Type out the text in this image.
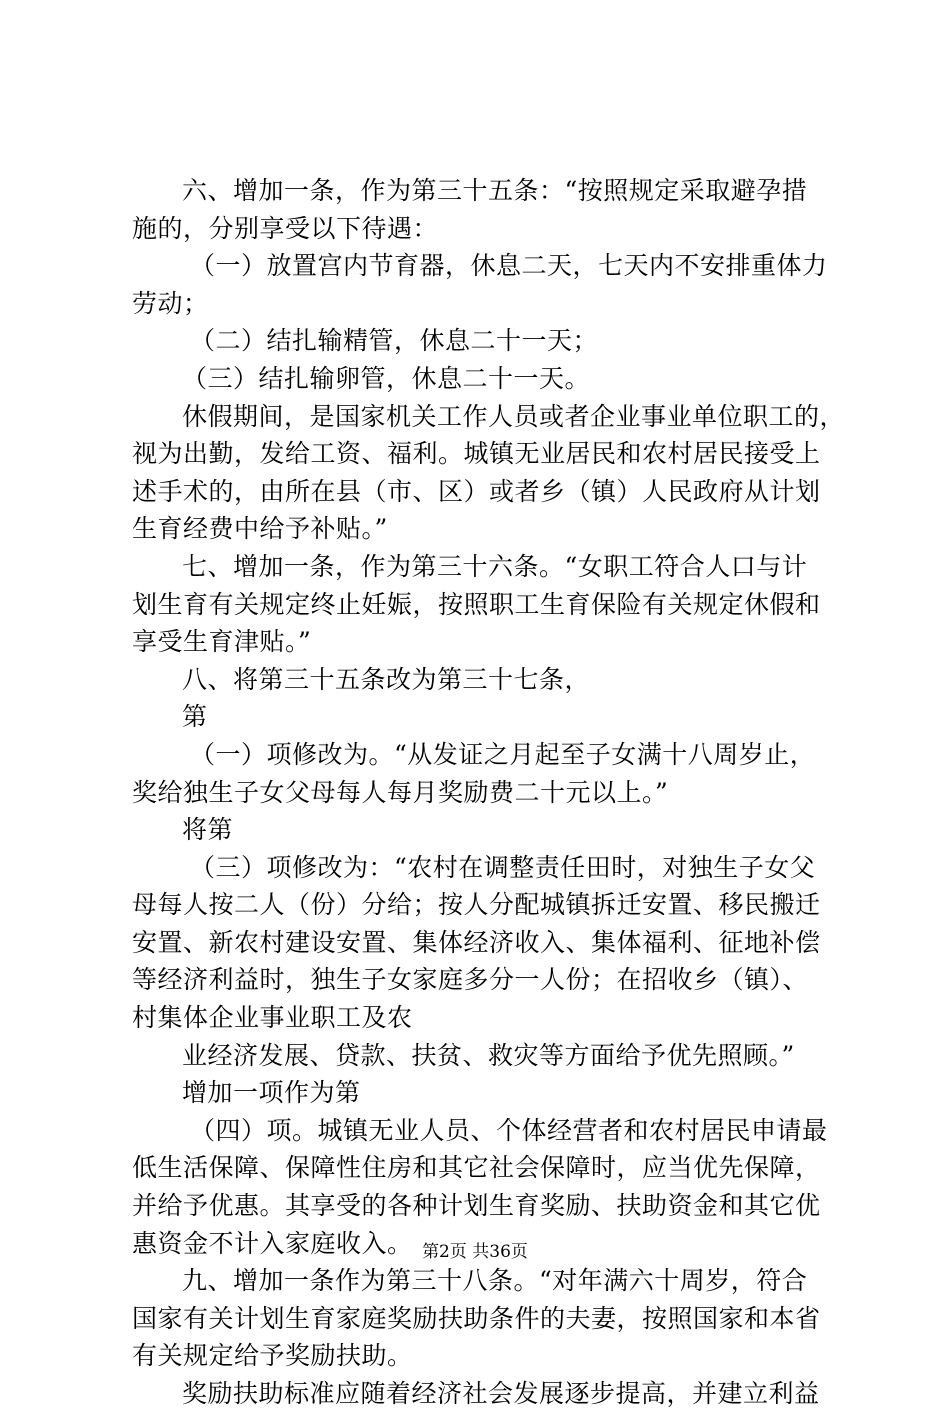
六、增加一条，作为第三十五条：“按照规定采取避孕措
施的，分别享受以下待遇：
（一）放置宫内节育器，休息二天，七天内不安排重体力
劳动；
（二）结扎输精管，休息二十一天；
（三）结扎输卵管，休息二十一天。
休假期间，是国家机关工作人员或者企业事业单位职工的，
视为出勤，发给工资、福利。城镇无业居民和农村居民接受上
述手术的，由所在县（市、区）或者乡（镇）人民政府从计划
生育经费中给予补贴。”
七、增加一条，作为第三十六条。“女职工符合人口与计
划生育有关规定终止妊娠，按照职工生育保险有关规定休假和
享受生育津贴。”
八、将第三十五条改为第三十七条，
第
（一）项修改为。“从发证之月起至子女满十八周岁止，
奖给独生子女父母每人每月奖励费二十元以上。”
将第
（三）项修改为：“农村在调整责任田时，对独生子女父
母每人按二人（份）分给；按人分配城镇拆迁安置、移民搬迁
安置、新农村建设安置、集体经济收入、集体福利、征地补偿
等经济利益时，独生子女家庭多分一人份；在招收乡（镇）、
村集体企业事业职工及农
业经济发展、贷款、扶贫、救灾等方面给予优先照顾。”
增加一项作为第
（四）项。城镇无业人员、个体经营者和农村居民申请最
低生活保障、保障性住房和其它社会保障时，应当优先保障，
并给予优惠。其享受的各种计划生育奖励、扶助资金和其它优
惠资金不计入家庭收入。
九、增加一条作为第三十八条。“对年满六十周岁，符合
国家有关计划生育家庭奖励扶助条件的夫妻，按照国家和本省
有关规定给予奖励扶助。
奖励扶助标准应随着经济社会发展逐步提高，并建立利益
第2页 共36页
